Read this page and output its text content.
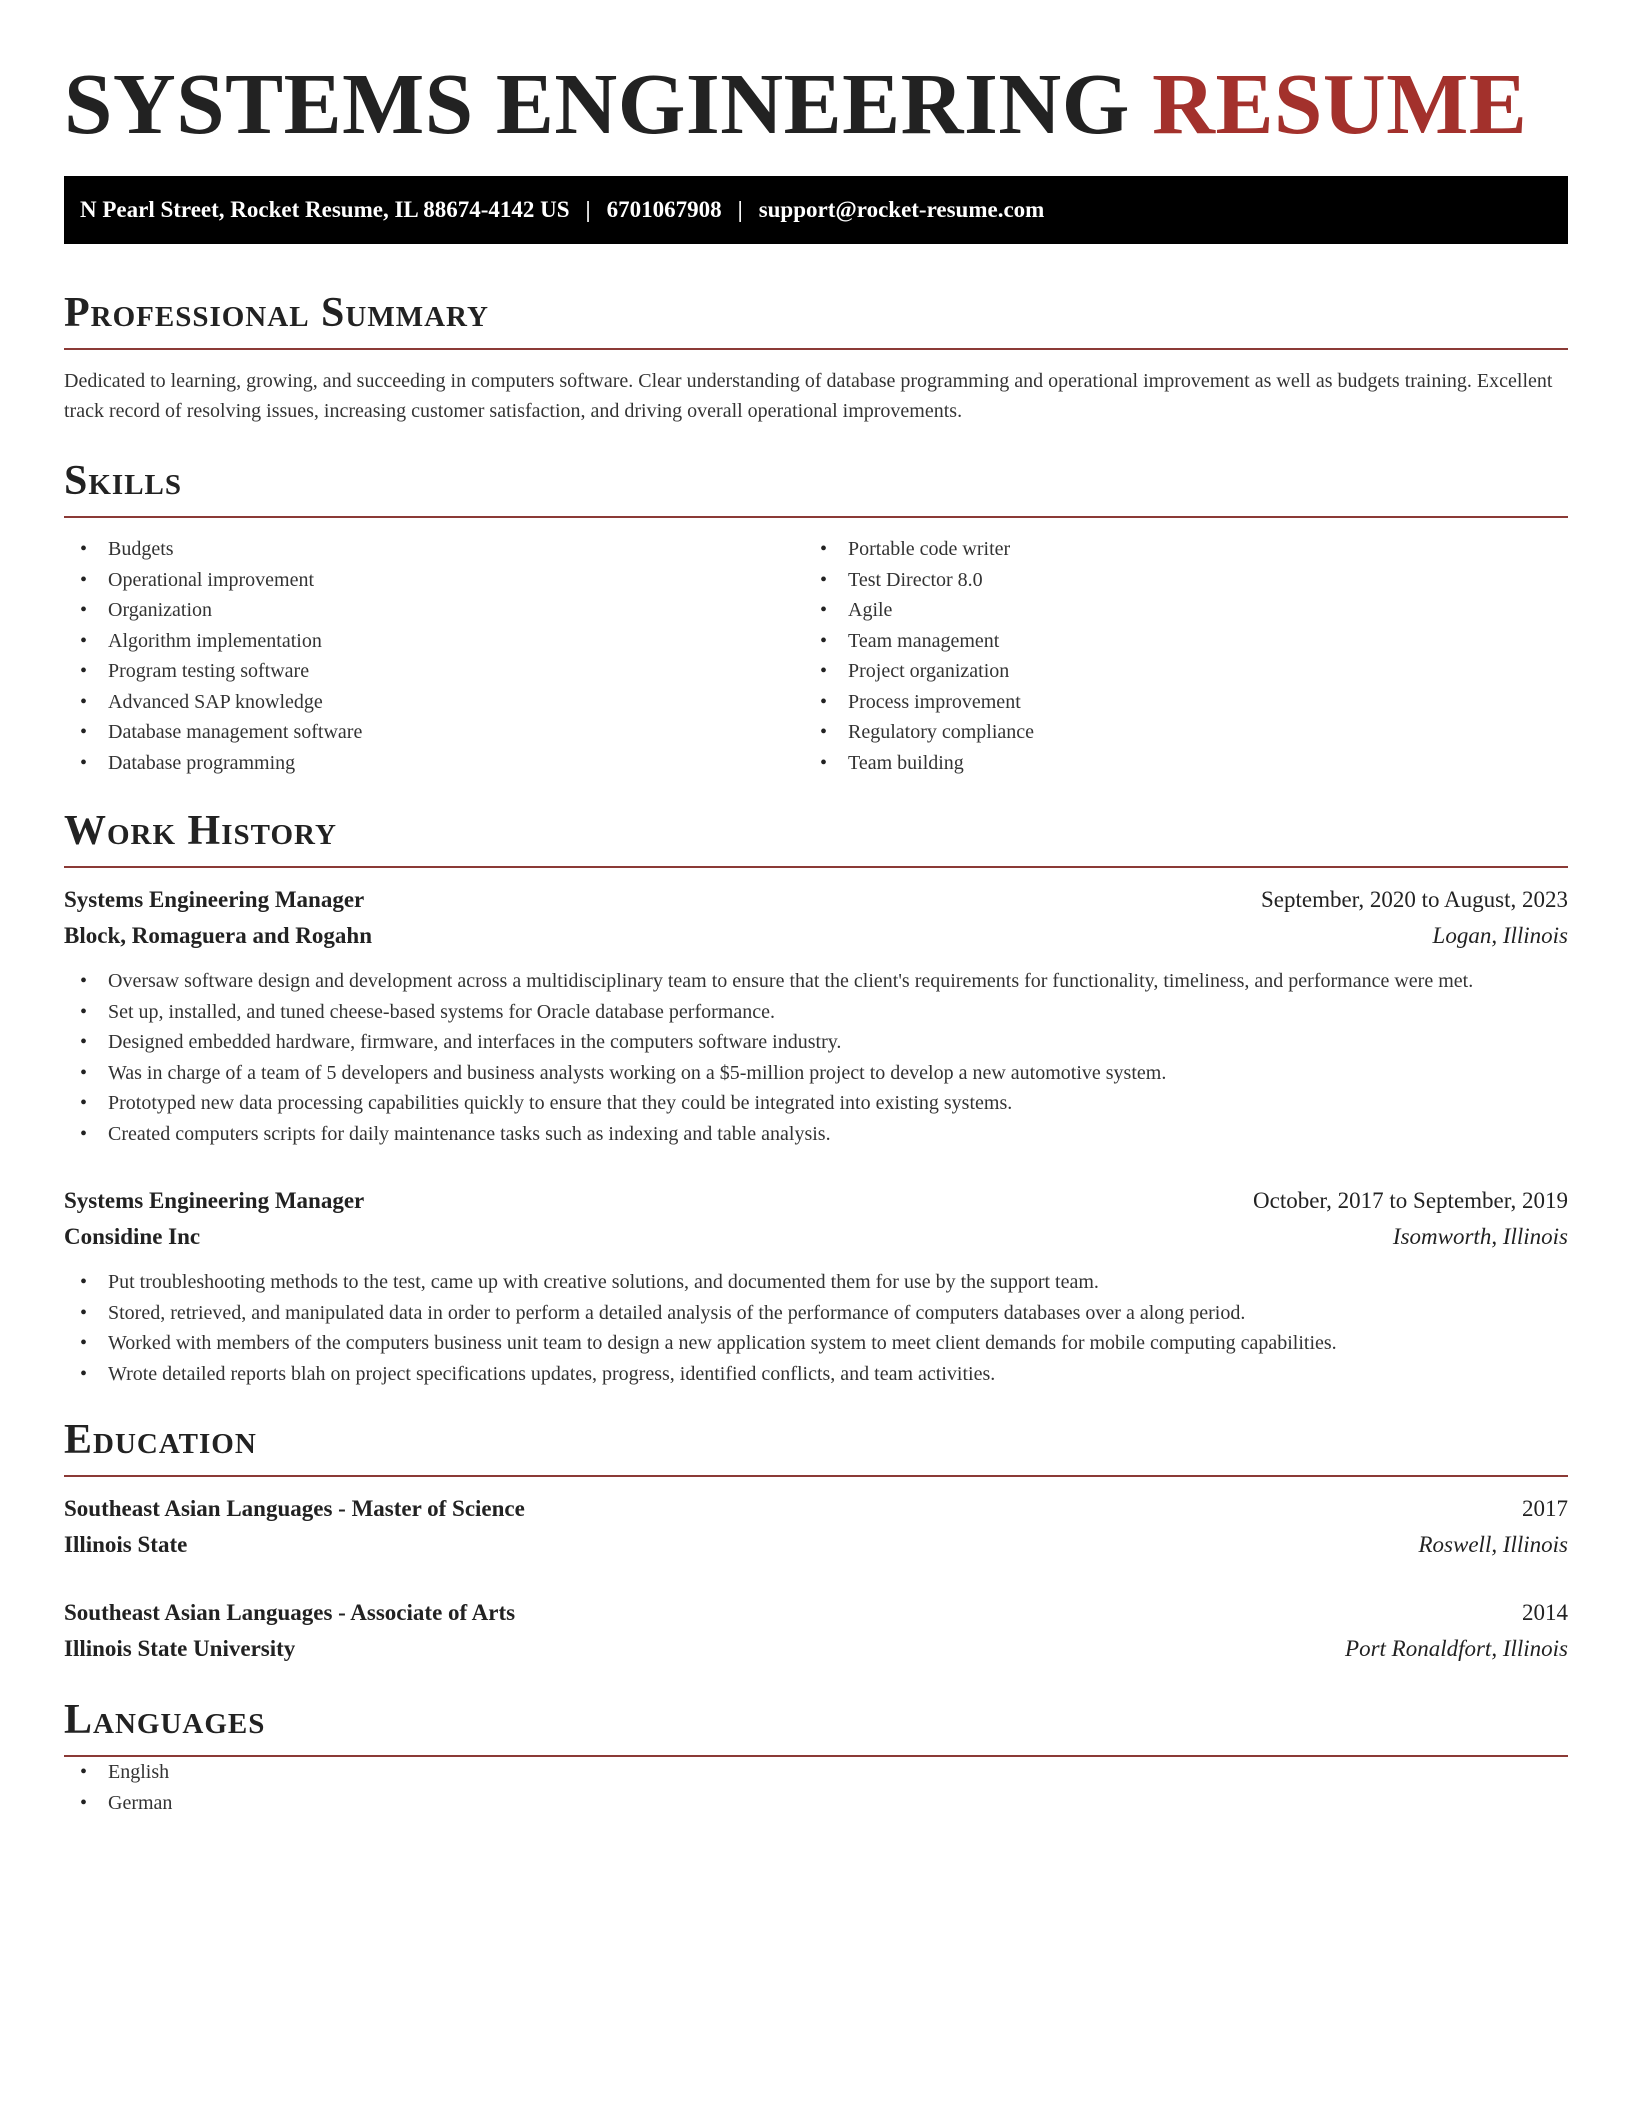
SYSTEMS ENGINEERING RESUME
N Pearl Street, Rocket Resume, IL 88674-4142 US | 6701067908 | support@rocket-resume.com
Professional Summary

Dedicated to learning, growing, and succeeding in computers software. Clear understanding of database programming and operational improvement as well as budgets training. Excellent track record of resolving issues, increasing customer satisfaction, and driving overall operational improvements.

Skills
• Budgets
• Operational improvement
• Organization
• Algorithm implementation
• Program testing software
• Advanced SAP knowledge
• Database management software
• Database programming
• Portable code writer
• Test Director 8.0
• Agile
• Team management
• Project organization
• Process improvement
• Regulatory compliance
• Team building
Work History
Systems Engineering Manager	September, 2020 to August, 2023
Block, Romaguera and Rogahn	Logan, Illinois
• Oversaw software design and development across a multidisciplinary team to ensure that the client's requirements for functionality, timeliness, and performance were met.
• Set up, installed, and tuned cheese-based systems for Oracle database performance.
• Designed embedded hardware, firmware, and interfaces in the computers software industry.
• Was in charge of a team of 5 developers and business analysts working on a $5-million project to develop a new automotive system.
• Prototyped new data processing capabilities quickly to ensure that they could be integrated into existing systems.
• Created computers scripts for daily maintenance tasks such as indexing and table analysis.
Systems Engineering Manager	October, 2017 to September, 2019
Considine Inc	Isomworth, Illinois
• Put troubleshooting methods to the test, came up with creative solutions, and documented them for use by the support team.
• Stored, retrieved, and manipulated data in order to perform a detailed analysis of the performance of computers databases over a along period.
• Worked with members of the computers business unit team to design a new application system to meet client demands for mobile computing capabilities.
• Wrote detailed reports blah on project specifications updates, progress, identified conflicts, and team activities.
Education
Southeast Asian Languages - Master of Science	2017
Illinois State	Roswell, Illinois
Southeast Asian Languages - Associate of Arts	2014
Illinois State University	Port Ronaldfort, Illinois
Languages
• English
• German
